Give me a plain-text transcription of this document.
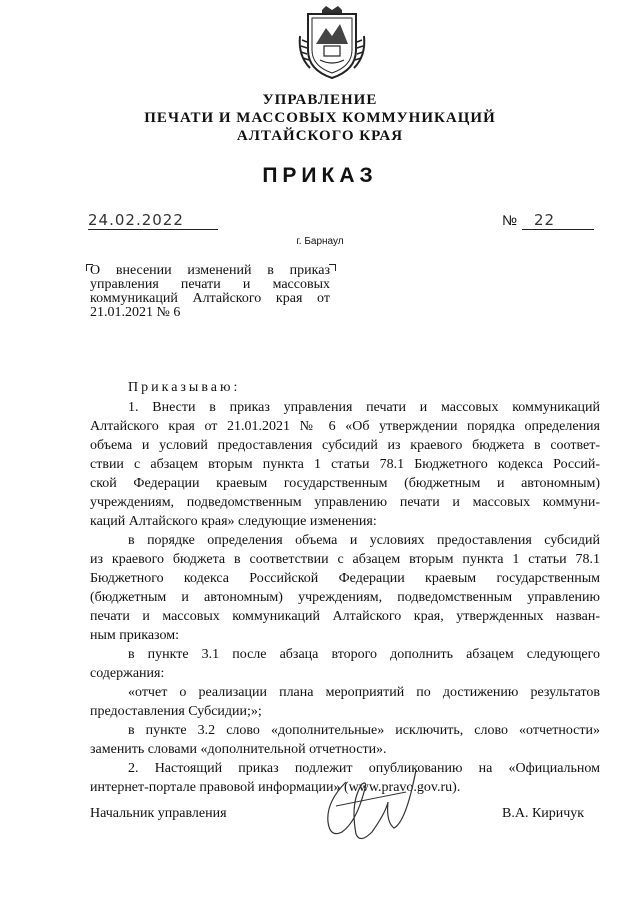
УПРАВЛЕНИЕ
ПЕЧАТИ И МАССОВЫХ КОММУНИКАЦИЙ
АЛТАЙСКОГО КРАЯ
ПРИКАЗ
24.02.2022	№	22
г. Барнаул
О внесении изменений в приказ управления печати и массовых коммуникаций Алтайского края от 21.01.2021 № 6
Приказываю:
1. Внести в приказ управления печати и массовых коммуникаций
Алтайского края от 21.01.2021 № 6 «Об утверждении порядка определения
объема и условий предоставления субсидий из краевого бюджета в соответ-
ствии с абзацем вторым пункта 1 статьи 78.1 Бюджетного кодекса Россий-
ской Федерации краевым государственным (бюджетным и автономным)
учреждениям, подведомственным управлению печати и массовых коммуни-
каций Алтайского края» следующие изменения:
в порядке определения объема и условиях предоставления субсидий
из краевого бюджета в соответствии с абзацем вторым пункта 1 статьи 78.1
Бюджетного кодекса Российской Федерации краевым государственным
(бюджетным и автономным) учреждениям, подведомственным управлению
печати и массовых коммуникаций Алтайского края, утвержденных назван-
ным приказом:
в пункте 3.1 после абзаца второго дополнить абзацем следующего
содержания:
«отчет о реализации плана мероприятий по достижению результатов
предоставления Субсидии;»;
в пункте 3.2 слово «дополнительные» исключить, слово «отчетности»
заменить словами «дополнительной отчетности».
2. Настоящий приказ подлежит опубликованию на «Официальном
интернет-портале правовой информации» (www.pravo.gov.ru).
Начальник управления	В.А. Киричук
